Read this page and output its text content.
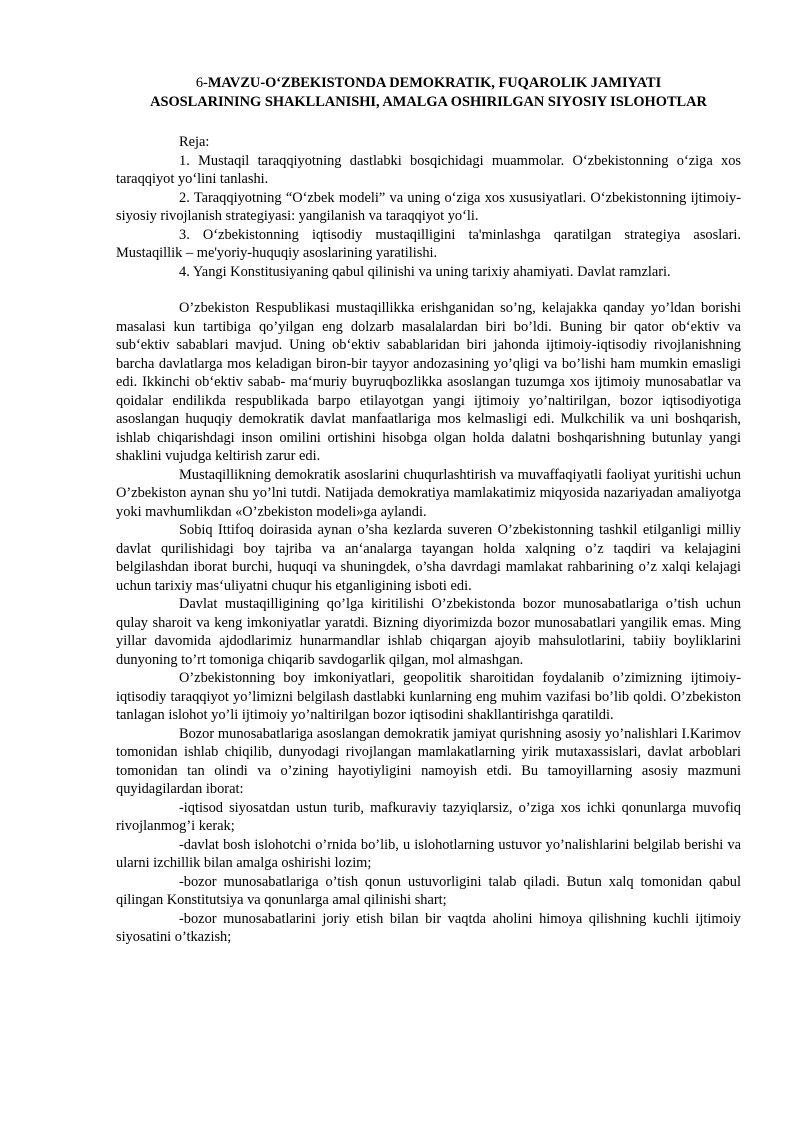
6-MAVZU-O‘ZBEKISTONDA DEMOKRATIK, FUQAROLIK JAMIYATI
ASOSLARINING SHAKLLANISHI, AMALGA OSHIRILGAN SIYOSIY ISLOHOTLAR

Reja:

1. Mustaqil taraqqiyotning dastlabki bosqichidagi muammolar. O‘zbekistonning o‘ziga xos taraqqiyot yo‘lini tanlashi.

2. Taraqqiyotning “O‘zbek modeli” va uning o‘ziga xos xususiyatlari. O‘zbekistonning ijtimoiy-siyosiy rivojlanish strategiyasi: yangilanish va taraqqiyot yo‘li.

3. O‘zbekistonning iqtisodiy mustaqilligini ta'minlashga qaratilgan strategiya asoslari. Mustaqillik – me'yoriy-huquqiy asoslarining yaratilishi.

4. Yangi Konstitusiyaning qabul qilinishi va uning tarixiy ahamiyati. Davlat ramzlari.

O’zbekiston Respublikasi mustaqillikka erishganidan so’ng, kelajakka qanday yo’ldan borishi masalasi kun tartibiga qo’yilgan eng dolzarb masalalardan biri bo’ldi. Buning bir qator ob‘ektiv va sub‘ektiv sabablari mavjud. Uning ob‘ektiv sabablaridan biri jahonda ijtimoiy-iqtisodiy rivojlanishning barcha davlatlarga mos keladigan biron-bir tayyor andozasining yo’qligi va bo’lishi ham mumkin emasligi edi. Ikkinchi ob‘ektiv sabab- ma‘muriy buyruqbozlikka asoslangan tuzumga xos ijtimoiy munosabatlar va qoidalar endilikda respublikada barpo etilayotgan yangi ijtimoiy yo’naltirilgan, bozor iqtisodiyotiga asoslangan huquqiy demokratik davlat manfaatlariga mos kelmasligi edi. Mulkchilik va uni boshqarish, ishlab chiqarishdagi inson omilini ortishini hisobga olgan holda dalatni boshqarishning butunlay yangi shaklini vujudga keltirish zarur edi.

Mustaqillikning demokratik asoslarini chuqurlashtirish va muvaffaqiyatli faoliyat yuritishi uchun O’zbekiston aynan shu yo’lni tutdi. Natijada demokratiya mamlakatimiz miqyosida nazariyadan amaliyotga yoki mavhumlikdan «O’zbekiston modeli»ga aylandi.

Sobiq Ittifoq doirasida aynan o’sha kezlarda suveren O’zbekistonning tashkil etilganligi milliy davlat qurilishidagi boy tajriba va an‘analarga tayangan holda xalqning o’z taqdiri va kelajagini belgilashdan iborat burchi, huquqi va shuningdek, o’sha davrdagi mamlakat rahbarining o’z xalqi kelajagi uchun tarixiy mas‘uliyatni chuqur his etganligining isboti edi.

Davlat mustaqilligining qo’lga kiritilishi O’zbekistonda bozor munosabatlariga o’tish uchun qulay sharoit va keng imkoniyatlar yaratdi. Bizning diyorimizda bozor munosabatlari yangilik emas. Ming yillar davomida ajdodlarimiz hunarmandlar ishlab chiqargan ajoyib mahsulotlarini, tabiiy boyliklarini dunyoning to’rt tomoniga chiqarib savdogarlik qilgan, mol almashgan.

O’zbekistonning boy imkoniyatlari, geopolitik sharoitidan foydalanib o’zimizning ijtimoiy-iqtisodiy taraqqiyot yo’limizni belgilash dastlabki kunlarning eng muhim vazifasi bo’lib qoldi. O’zbekiston tanlagan islohot yo’li ijtimoiy yo’naltirilgan bozor iqtisodini shakllantirishga qaratildi.

Bozor munosabatlariga asoslangan demokratik jamiyat qurishning asosiy yo’nalishlari I.Karimov tomonidan ishlab chiqilib, dunyodagi rivojlangan mamlakatlarning yirik mutaxassislari, davlat arboblari tomonidan tan olindi va o’zining hayotiyligini namoyish etdi. Bu tamoyillarning asosiy mazmuni quyidagilardan iborat:

-iqtisod siyosatdan ustun turib, mafkuraviy tazyiqlarsiz, o’ziga xos ichki qonunlarga muvofiq rivojlanmog’i kerak;

-davlat bosh islohotchi o’rnida bo’lib, u islohotlarning ustuvor yo’nalishlarini belgilab berishi va ularni izchillik bilan amalga oshirishi lozim;

-bozor munosabatlariga o’tish qonun ustuvorligini talab qiladi. Butun xalq tomonidan qabul qilingan Konstitutsiya va qonunlarga amal qilinishi shart;

-bozor munosabatlarini joriy etish bilan bir vaqtda aholini himoya qilishning kuchli ijtimoiy siyosatini o’tkazish;
